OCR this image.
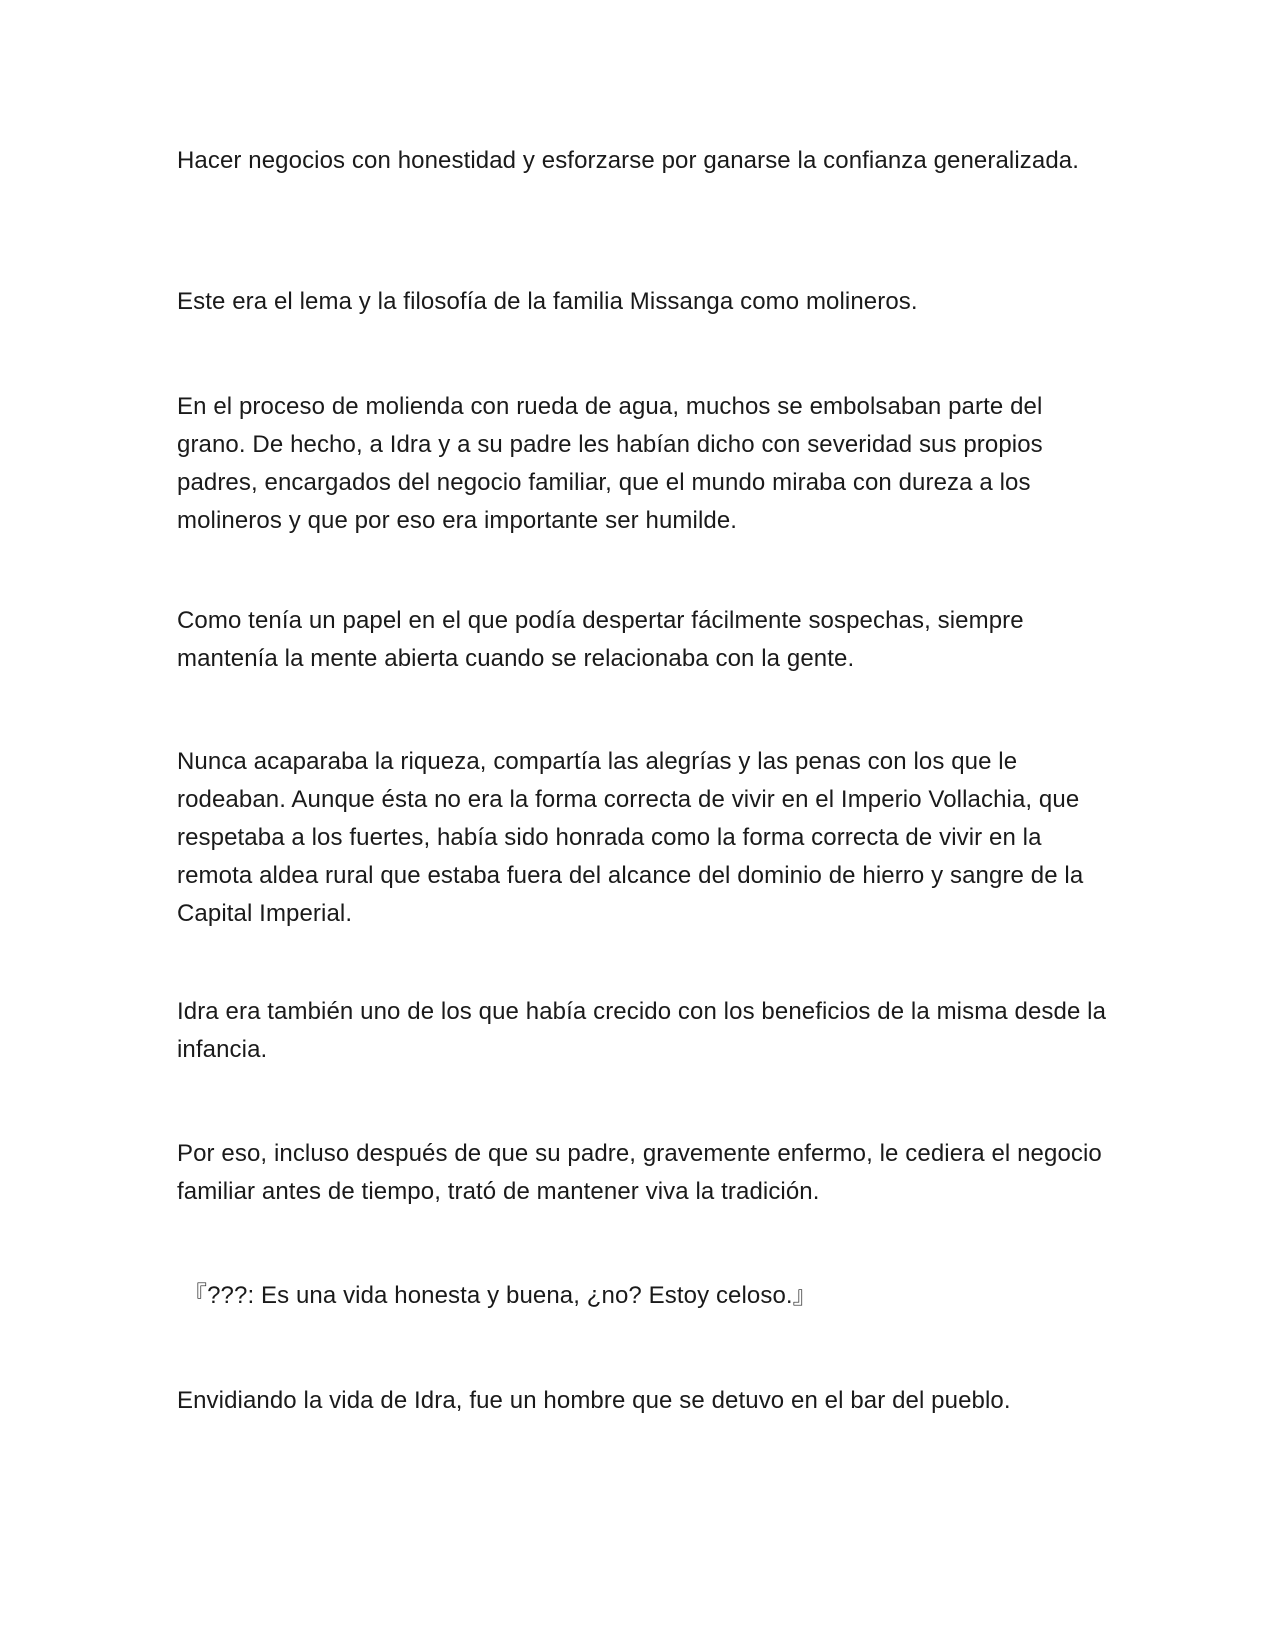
Hacer negocios con honestidad y esforzarse por ganarse la confianza generalizada.

Este era el lema y la filosofía de la familia Missanga como molineros.

En el proceso de molienda con rueda de agua, muchos se embolsaban parte del grano. De hecho, a Idra y a su padre les habían dicho con severidad sus propios padres, encargados del negocio familiar, que el mundo miraba con dureza a los molineros y que por eso era importante ser humilde.

Como tenía un papel en el que podía despertar fácilmente sospechas, siempre mantenía la mente abierta cuando se relacionaba con la gente.

Nunca acaparaba la riqueza, compartía las alegrías y las penas con los que le rodeaban. Aunque ésta no era la forma correcta de vivir en el Imperio Vollachia, que respetaba a los fuertes, había sido honrada como la forma correcta de vivir en la remota aldea rural que estaba fuera del alcance del dominio de hierro y sangre de la Capital Imperial.

Idra era también uno de los que había crecido con los beneficios de la misma desde la infancia.

Por eso, incluso después de que su padre, gravemente enfermo, le cediera el negocio familiar antes de tiempo, trató de mantener viva la tradición.

『???: Es una vida honesta y buena, ¿no? Estoy celoso.』

Envidiando la vida de Idra, fue un hombre que se detuvo en el bar del pueblo.
